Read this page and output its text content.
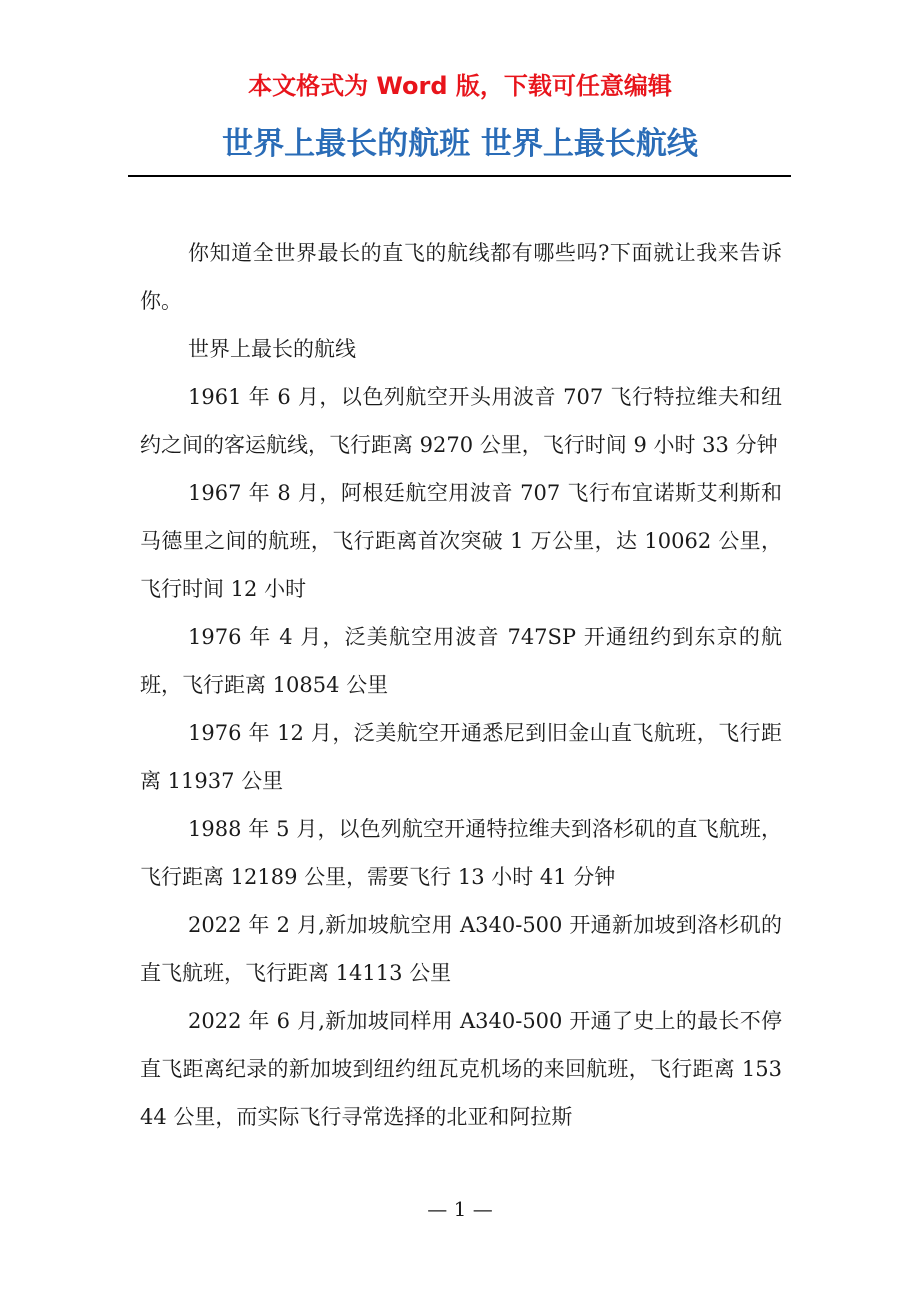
本文格式为 Word 版，下载可任意编辑
世界上最长的航班 世界上最长航线

你知道全世界最长的直飞的航线都有哪些吗?下面就让我来告诉你。

世界上最长的航线

1961 年 6 月，以色列航空开头用波音 707 飞行特拉维夫和纽约之间的客运航线，飞行距离 9270 公里，飞行时间 9 小时 33 分钟

1967 年 8 月，阿根廷航空用波音 707 飞行布宜诺斯艾利斯和马德里之间的航班，飞行距离首次突破 1 万公里，达 10062 公里，飞行时间 12 小时

1976 年 4 月，泛美航空用波音 747SP 开通纽约到东京的航班，飞行距离 10854 公里

1976 年 12 月，泛美航空开通悉尼到旧金山直飞航班，飞行距离 11937 公里

1988 年 5 月，以色列航空开通特拉维夫到洛杉矶的直飞航班，飞行距离 12189 公里，需要飞行 13 小时 41 分钟

2022 年 2 月,新加坡航空用 A340-500 开通新加坡到洛杉矶的直飞航班，飞行距离 14113 公里

2022 年 6 月,新加坡同样用 A340-500 开通了史上的最长不停直飞距离纪录的新加坡到纽约纽瓦克机场的来回航班，飞行距离 15344 公里，而实际飞行寻常选择的北亚和阿拉斯

— 1 —
